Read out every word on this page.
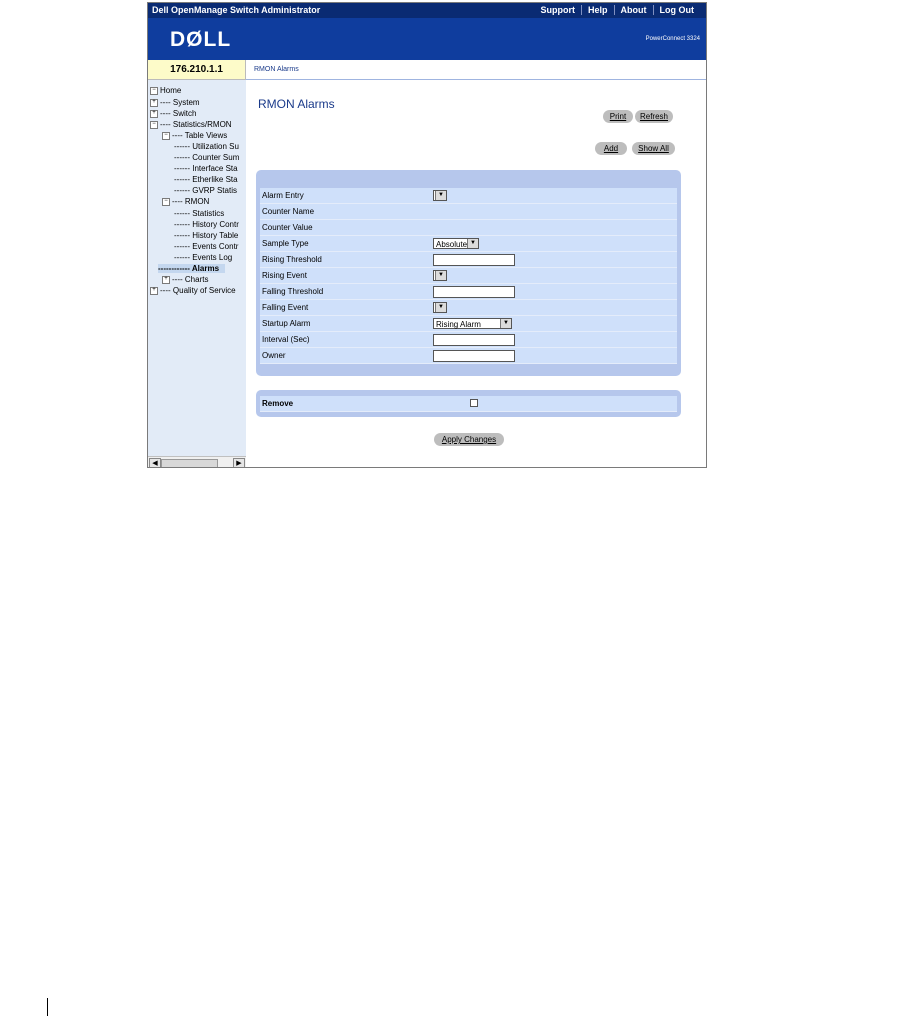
Dell OpenManage Switch Administrator	Support	Help	About	Log Out
DØLL	PowerConnect 3324
176.210.1.1	RMON Alarms
− Home
+ ---- System
+ ---- Switch
− ---- Statistics/RMON
− ---- Table Views
------ Utilization Su
------ Counter Sum
------ Interface Sta
------ Etherlike Sta
------ GVRP Statis
− ---- RMON
------ Statistics
------ History Contr
------ History Table
------ Events Contr
------ Events Log
------------ Alarms
+ ---- Charts
+ ---- Quality of Service
◀	▶
RMON Alarms
Print	Refresh
Add	Show All
Alarm Entry	▼
Counter Name
Counter Value
Sample Type	Absolute ▼
Rising Threshold
Rising Event	▼
Falling Threshold
Falling Event	▼
Startup Alarm	Rising Alarm	▼
Interval (Sec)
Owner
Remove
Apply Changes
